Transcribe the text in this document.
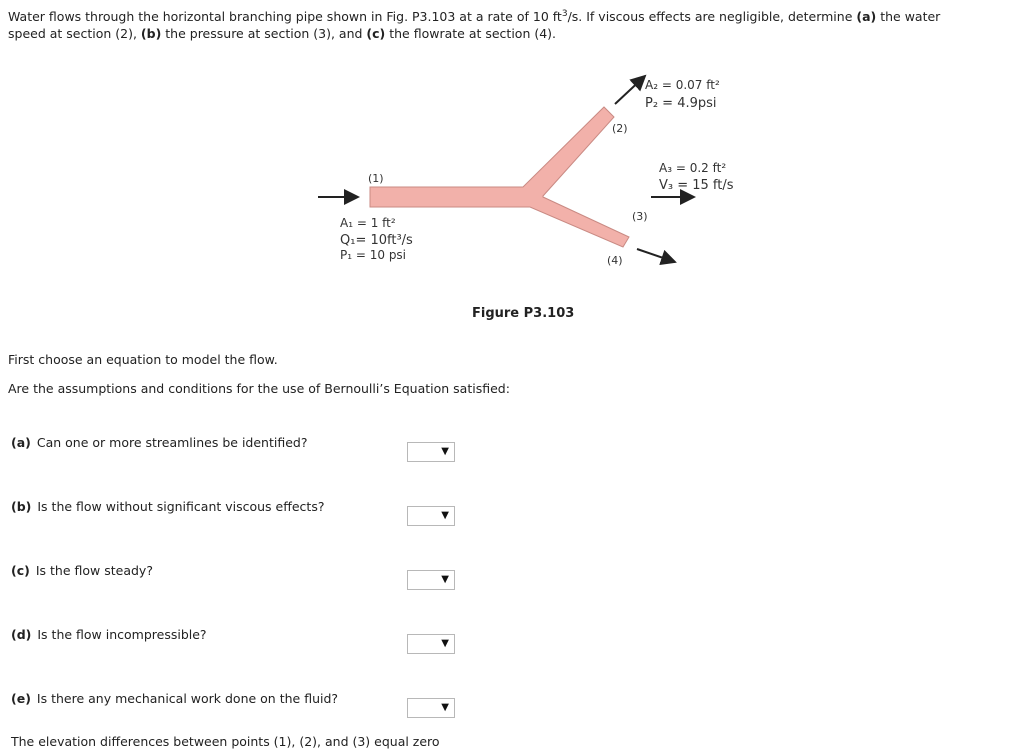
Water flows through the horizontal branching pipe shown in Fig. P3.103 at a rate of 10 $ft^3/s$. If viscous effects are negligible, determine (a) the water
speed at section (2), (b) the pressure at section (3), and (c) the flowrate at section (4).
(1)
(2)
(3)
(4)
A₁ = 1 ft²
Q₁= 10ft³/s
P₁ = 10 psi
A₂ = 0.07 ft²
P₂ = 4.9psi
A₃ = 0.2 ft²
V₃ = 15 ft/s
Figure P3.103
First choose an equation to model the flow.
Are the assumptions and conditions for the use of Bernoulli’s Equation satisfied:
(a) Can one or more streamlines be identified?
▼
(b) Is the flow without significant viscous effects?
▼
(c) Is the flow steady?
▼
(d) Is the flow incompressible?
▼
(e) Is there any mechanical work done on the fluid?
▼
The elevation differences between points (1), (2), and (3) equal zero
